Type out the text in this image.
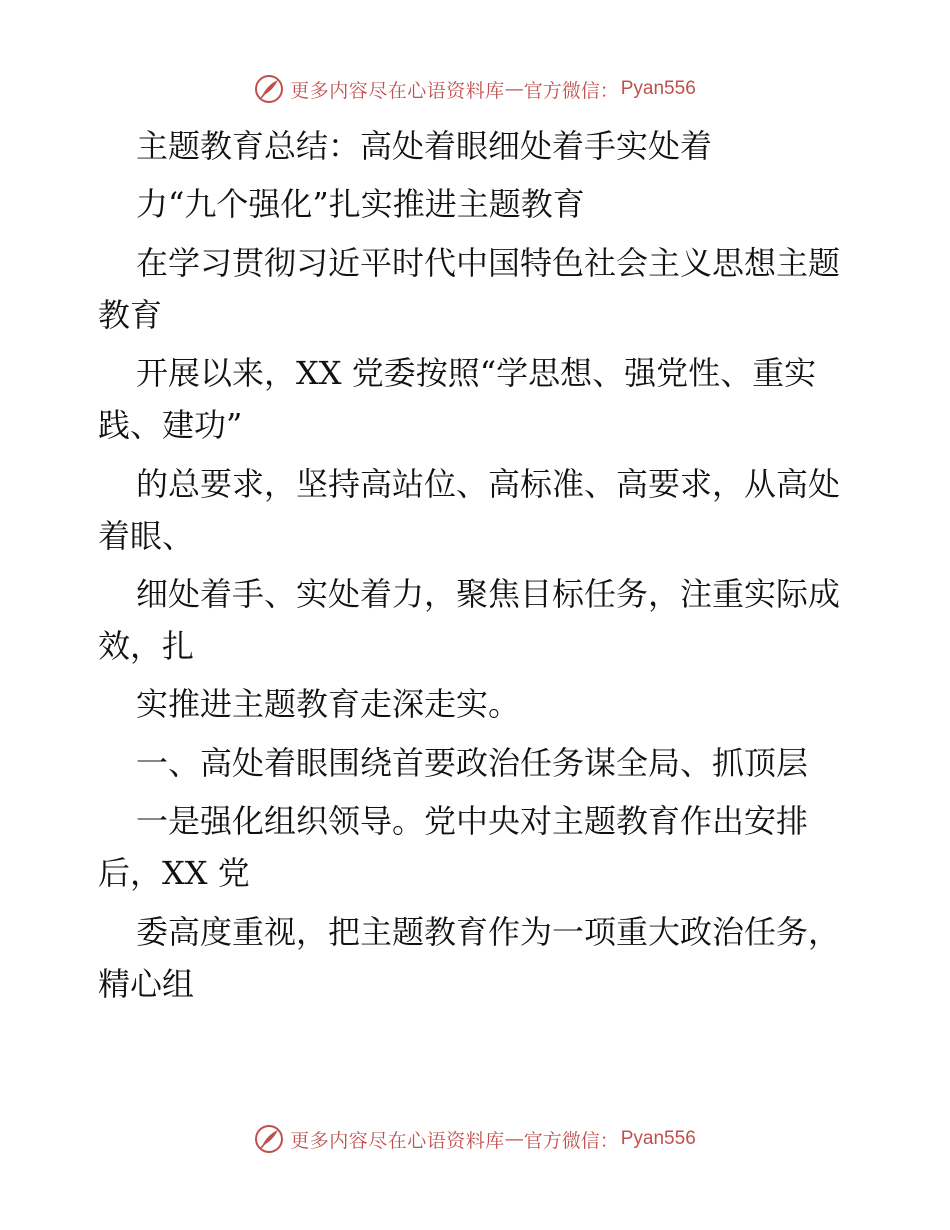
更多内容尽在心语资料库 — 官方微信： Pyan556

主题教育总结：高处着眼细处着手实处着

力“九个强化”扎实推进主题教育

在学习贯彻习近平时代中国特色社会主义思想主题教育

开展以来，XX 党委按照“学思想、强党性、重实践、建功”

的总要求，坚持高站位、高标准、高要求，从高处着眼、

细处着手、实处着力，聚焦目标任务，注重实际成效，扎

实推进主题教育走深走实。

一、高处着眼围绕首要政治任务谋全局、抓顶层

一是强化组织领导。党中央对主题教育作出安排后，XX 党

委高度重视，把主题教育作为一项重大政治任务，精心组

更多内容尽在心语资料库 — 官方微信： Pyan556
